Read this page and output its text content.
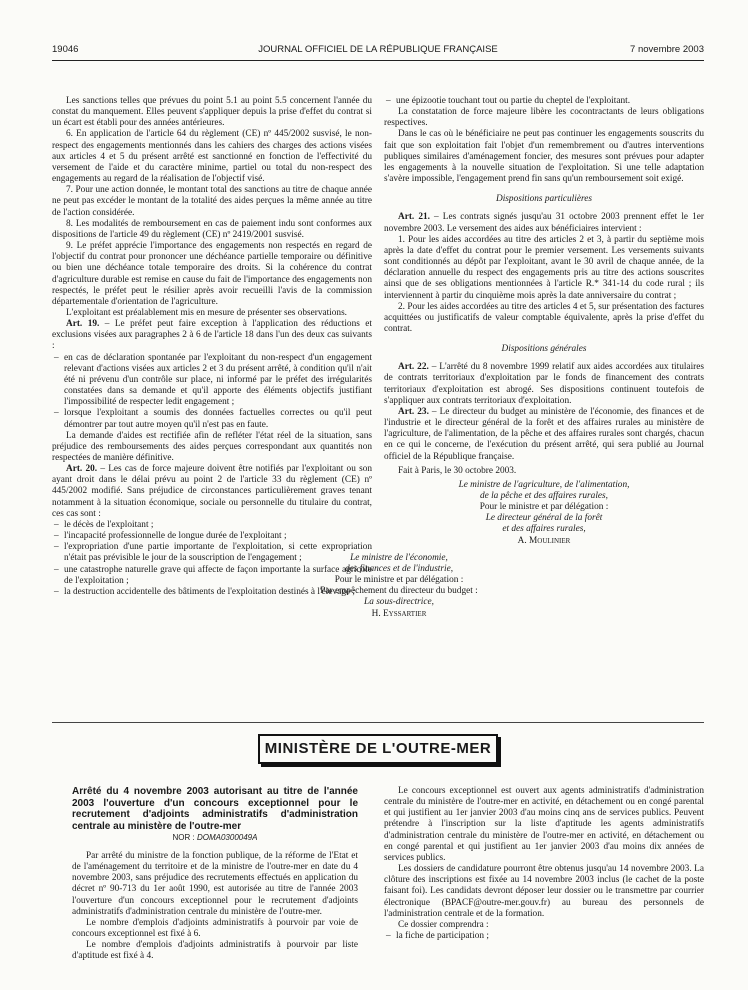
19046	JOURNAL OFFICIEL DE LA RÉPUBLIQUE FRANÇAISE	7 novembre 2003

Les sanctions telles que prévues du point 5.1 au point 5.5 concernent l'année du constat du manquement. Elles peuvent s'appliquer depuis la prise d'effet du contrat si un écart est établi pour des années antérieures.

6. En application de l'article 64 du règlement (CE) nº 445/2002 susvisé, le non-respect des engagements mentionnés dans les cahiers des charges des actions visées aux articles 4 et 5 du présent arrêté est sanctionné en fonction de l'effectivité du versement de l'aide et du caractère minime, partiel ou total du non-respect des engagements au regard de la réalisation de l'objectif visé.

7. Pour une action donnée, le montant total des sanctions au titre de chaque année ne peut pas excéder le montant de la totalité des aides perçues la même année au titre de l'action considérée.

8. Les modalités de remboursement en cas de paiement indu sont conformes aux dispositions de l'article 49 du règlement (CE) nº 2419/2001 susvisé.

9. Le préfet apprécie l'importance des engagements non respectés en regard de l'objectif du contrat pour prononcer une déchéance partielle temporaire ou définitive ou bien une déchéance totale temporaire des droits. Si la cohérence du contrat d'agriculture durable est remise en cause du fait de l'importance des engagements non respectés, le préfet peut le résilier après avoir recueilli l'avis de la commission départementale d'orientation de l'agriculture.

L'exploitant est préalablement mis en mesure de présenter ses observations.

Art. 19. – Le préfet peut faire exception à l'application des réductions et exclusions visées aux paragraphes 2 à 6 de l'article 18 dans l'un des deux cas suivants :

– en cas de déclaration spontanée par l'exploitant du non-respect d'un engagement relevant d'actions visées aux articles 2 et 3 du présent arrêté, à condition qu'il n'ait été ni prévenu d'un contrôle sur place, ni informé par le préfet des irrégularités constatées dans sa demande et qu'il apporte des éléments objectifs justifiant l'impossibilité de respecter ledit engagement ;

– lorsque l'exploitant a soumis des données factuelles correctes ou qu'il peut démontrer par tout autre moyen qu'il n'est pas en faute.

La demande d'aides est rectifiée afin de refléter l'état réel de la situation, sans préjudice des remboursements des aides perçues correspondant aux quantités non respectées de manière définitive.

Art. 20. – Les cas de force majeure doivent être notifiés par l'exploitant ou son ayant droit dans le délai prévu au point 2 de l'article 33 du règlement (CE) nº 445/2002 modifié. Sans préjudice de circonstances particulièrement graves tenant notamment à la situation économique, sociale ou personnelle du titulaire du contrat, ces cas sont :

– le décès de l'exploitant ;

– l'incapacité professionnelle de longue durée de l'exploitant ;

– l'expropriation d'une partie importante de l'exploitation, si cette expropriation n'était pas prévisible le jour de la souscription de l'engagement ;

– une catastrophe naturelle grave qui affecte de façon importante la surface agricole de l'exploitation ;

– la destruction accidentelle des bâtiments de l'exploitation destinés à l'élevage ;

– une épizootie touchant tout ou partie du cheptel de l'exploitant.

La constatation de force majeure libère les cocontractants de leurs obligations respectives.

Dans le cas où le bénéficiaire ne peut pas continuer les engagements souscrits du fait que son exploitation fait l'objet d'un remembrement ou d'autres interventions publiques similaires d'aménagement foncier, des mesures sont prévues pour adapter les engagements à la nouvelle situation de l'exploitation. Si une telle adaptation s'avère impossible, l'engagement prend fin sans qu'un remboursement soit exigé.

Dispositions particulières

Art. 21. – Les contrats signés jusqu'au 31 octobre 2003 prennent effet le 1er novembre 2003. Le versement des aides aux bénéficiaires intervient :

1. Pour les aides accordées au titre des articles 2 et 3, à partir du septième mois après la date d'effet du contrat pour le premier versement. Les versements suivants sont conditionnés au dépôt par l'exploitant, avant le 30 avril de chaque année, de la déclaration annuelle du respect des engagements pris au titre des actions souscrites ainsi que de ses obligations mentionnées à l'article R.* 341-14 du code rural ; ils interviennent à partir du cinquième mois après la date anniversaire du contrat ;

2. Pour les aides accordées au titre des articles 4 et 5, sur présentation des factures acquittées ou justificatifs de valeur comptable équivalente, après la prise d'effet du contrat.

Dispositions générales

Art. 22. – L'arrêté du 8 novembre 1999 relatif aux aides accordées aux titulaires de contrats territoriaux d'exploitation par le fonds de financement des contrats territoriaux d'exploitation est abrogé. Ses dispositions continuent toutefois de s'appliquer aux contrats territoriaux d'exploitation.

Art. 23. – Le directeur du budget au ministère de l'économie, des finances et de l'industrie et le directeur général de la forêt et des affaires rurales au ministère de l'agriculture, de l'alimentation, de la pêche et des affaires rurales sont chargés, chacun en ce qui le concerne, de l'exécution du présent arrêté, qui sera publié au Journal officiel de la République française.

Fait à Paris, le 30 octobre 2003.

Le ministre de l'agriculture, de l'alimentation,

de la pêche et des affaires rurales,

Pour le ministre et par délégation :

Le directeur général de la forêt

et des affaires rurales,

A. Moulinier

Le ministre de l'économie,

des finances et de l'industrie,

Pour le ministre et par délégation :

Par empêchement du directeur du budget :

La sous-directrice,

H. Eyssartier

MINISTÈRE DE L'OUTRE-MER
Arrêté du 4 novembre 2003 autorisant au titre de l'année 2003 l'ouverture d'un concours exceptionnel pour le recrutement d'adjoints administratifs d'administration centrale au ministère de l'outre-mer
NOR : DOMA0300049A

Par arrêté du ministre de la fonction publique, de la réforme de l'Etat et de l'aménagement du territoire et de la ministre de l'outre-mer en date du 4 novembre 2003, sans préjudice des recrutements effectués en application du décret nº 90-713 du 1er août 1990, est autorisée au titre de l'année 2003 l'ouverture d'un concours exceptionnel pour le recrutement d'adjoints administratifs d'administration centrale du ministère de l'outre-mer.

Le nombre d'emplois d'adjoints administratifs à pourvoir par voie de concours exceptionnel est fixé à 6.

Le nombre d'emplois d'adjoints administratifs à pourvoir par liste d'aptitude est fixé à 4.

Le concours exceptionnel est ouvert aux agents administratifs d'administration centrale du ministère de l'outre-mer en activité, en détachement ou en congé parental et qui justifient au 1er janvier 2003 d'au moins cinq ans de services publics. Peuvent prétendre à l'inscription sur la liste d'aptitude les agents administratifs d'administration centrale du ministère de l'outre-mer en activité, en détachement ou en congé parental et qui justifient au 1er janvier 2003 d'au moins dix années de services publics.

Les dossiers de candidature pourront être obtenus jusqu'au 14 novembre 2003. La clôture des inscriptions est fixée au 14 novembre 2003 inclus (le cachet de la poste faisant foi). Les candidats devront déposer leur dossier ou le transmettre par courrier électronique (BPACF@outre-mer.gouv.fr) au bureau des personnels de l'administration centrale et de la formation.

Ce dossier comprendra :

– la fiche de participation ;
